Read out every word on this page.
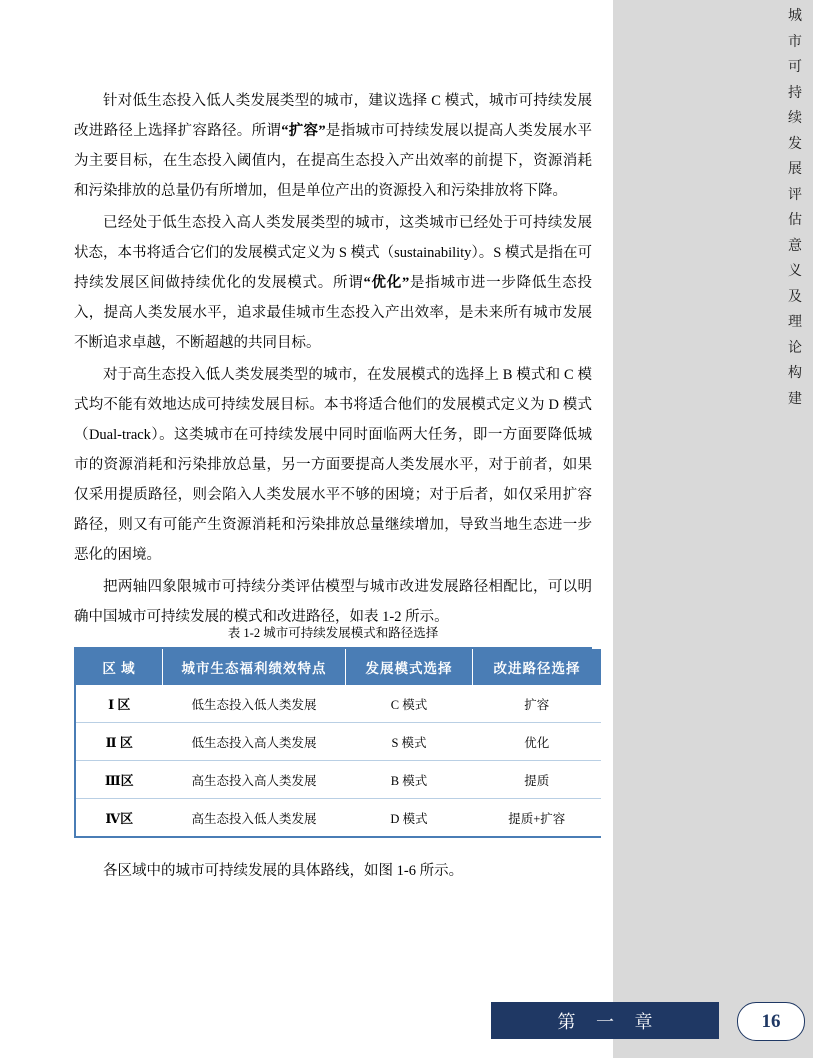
城
市
可
持
续
发
展
评
估
意
义
及
理
论
构
建

针对低生态投入低人类发展类型的城市，建议选择 C 模式，城市可持续发展改进路径上选择扩容路径。所谓“扩容”是指城市可持续发展以提高人类发展水平为主要目标，在生态投入阈值内，在提高生态投入产出效率的前提下，资源消耗和污染排放的总量仍有所增加，但是单位产出的资源投入和污染排放将下降。

已经处于低生态投入高人类发展类型的城市，这类城市已经处于可持续发展状态，本书将适合它们的发展模式定义为 S 模式（sustainability）。S 模式是指在可持续发展区间做持续优化的发展模式。所谓“优化”是指城市进一步降低生态投入，提高人类发展水平，追求最佳城市生态投入产出效率，是未来所有城市发展不断追求卓越，不断超越的共同目标。

对于高生态投入低人类发展类型的城市，在发展模式的选择上 B 模式和 C 模式均不能有效地达成可持续发展目标。本书将适合他们的发展模式定义为 D 模式（Dual-track）。这类城市在可持续发展中同时面临两大任务，即一方面要降低城市的资源消耗和污染排放总量，另一方面要提高人类发展水平，对于前者，如果仅采用提质路径，则会陷入人类发展水平不够的困境；对于后者，如仅采用扩容路径，则又有可能产生资源消耗和污染排放总量继续增加，导致当地生态进一步恶化的困境。

把两轴四象限城市可持续分类评估模型与城市改进发展路径相配比，可以明确中国城市可持续发展的模式和改进路径，如表 1-2 所示。

表 1-2 城市可持续发展模式和路径选择
区 域	城市生态福利绩效特点	发展模式选择	改进路径选择
Ⅰ 区	低生态投入低人类发展	C 模式	扩容
Ⅱ 区	低生态投入高人类发展	S 模式	优化
Ⅲ区	高生态投入高人类发展	B 模式	提质
Ⅳ区	高生态投入低人类发展	D 模式	提质+扩容
各区域中的城市可持续发展的具体路线，如图 1-6 所示。
第 一 章	16
